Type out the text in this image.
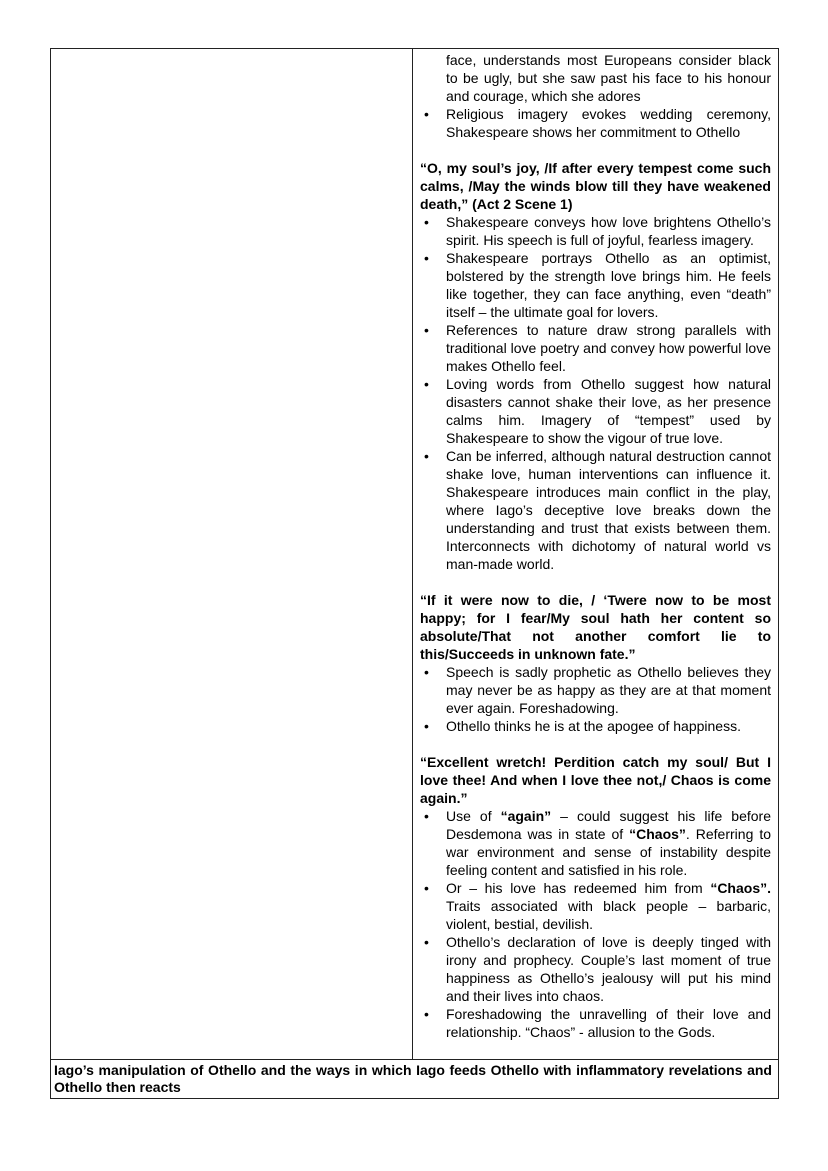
face, understands most Europeans consider black to be ugly, but she saw past his face to his honour and courage, which she adores
• Religious imagery evokes wedding ceremony, Shakespeare shows her commitment to Othello
“O, my soul’s joy, /If after every tempest come such calms, /May the winds blow till they have weakened death,” (Act 2 Scene 1)
• Shakespeare conveys how love brightens Othello’s spirit. His speech is full of joyful, fearless imagery.
• Shakespeare portrays Othello as an optimist, bolstered by the strength love brings him. He feels like together, they can face anything, even “death” itself – the ultimate goal for lovers.
• References to nature draw strong parallels with traditional love poetry and convey how powerful love makes Othello feel.
• Loving words from Othello suggest how natural disasters cannot shake their love, as her presence calms him. Imagery of “tempest” used by Shakespeare to show the vigour of true love.
• Can be inferred, although natural destruction cannot shake love, human interventions can influence it. Shakespeare introduces main conflict in the play, where Iago’s deceptive love breaks down the understanding and trust that exists between them. Interconnects with dichotomy of natural world vs man-made world.
“If it were now to die, / ‘Twere now to be most happy; for I fear/My soul hath her content so absolute/That not another comfort lie to this/Succeeds in unknown fate.”
• Speech is sadly prophetic as Othello believes they may never be as happy as they are at that moment ever again. Foreshadowing.
• Othello thinks he is at the apogee of happiness.
“Excellent wretch! Perdition catch my soul/ But I love thee! And when I love thee not,/ Chaos is come again.”
• Use of “again” – could suggest his life before Desdemona was in state of “Chaos”. Referring to war environment and sense of instability despite feeling content and satisfied in his role.
• Or – his love has redeemed him from “Chaos”. Traits associated with black people – barbaric, violent, bestial, devilish.
• Othello’s declaration of love is deeply tinged with irony and prophecy. Couple’s last moment of true happiness as Othello’s jealousy will put his mind and their lives into chaos.
• Foreshadowing the unravelling of their love and relationship. “Chaos” - allusion to the Gods.

Iago’s manipulation of Othello and the ways in which Iago feeds Othello with inflammatory revelations and Othello then reacts
